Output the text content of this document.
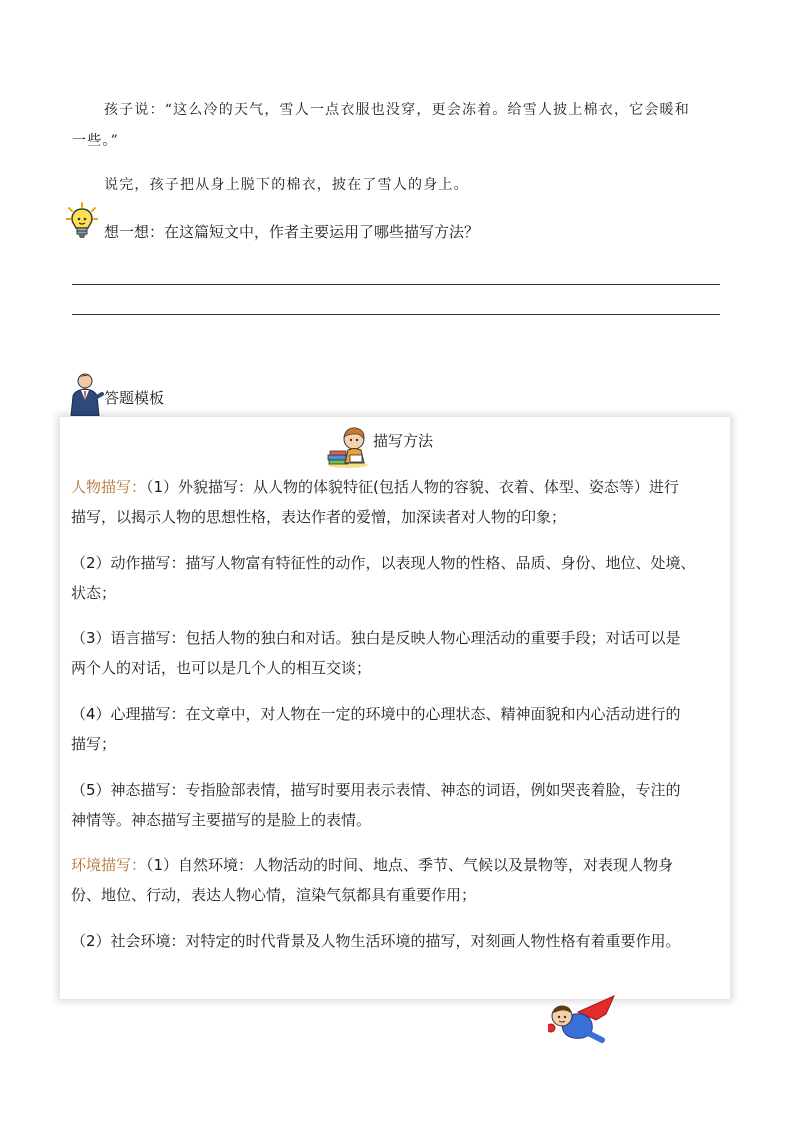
孩子说：“这么冷的天气，雪人一点衣服也没穿，更会冻着。给雪人披上棉衣，它会暖和

一些。”

说完，孩子把从身上脱下的棉衣，披在了雪人的身上。

想一想：在这篇短文中，作者主要运用了哪些描写方法？
答题模板
描写方法
人物描写：（1）外貌描写：从人物的体貌特征(包括人物的容貌、衣着、体型、姿态等）进行
描写，以揭示人物的思想性格，表达作者的爱憎，加深读者对人物的印象；
（2）动作描写：描写人物富有特征性的动作，以表现人物的性格、品质、身份、地位、处境、
状态；
（3）语言描写：包括人物的独白和对话。独白是反映人物心理活动的重要手段；对话可以是
两个人的对话，也可以是几个人的相互交谈；
（4）心理描写：在文章中，对人物在一定的环境中的心理状态、精神面貌和内心活动进行的
描写；
（5）神态描写：专指脸部表情，描写时要用表示表情、神态的词语，例如哭丧着脸，专注的
神情等。神态描写主要描写的是脸上的表情。
环境描写：（1）自然环境：人物活动的时间、地点、季节、气候以及景物等，对表现人物身
份、地位、行动，表达人物心情，渲染气氛都具有重要作用；
（2）社会环境：对特定的时代背景及人物生活环境的描写，对刻画人物性格有着重要作用。
